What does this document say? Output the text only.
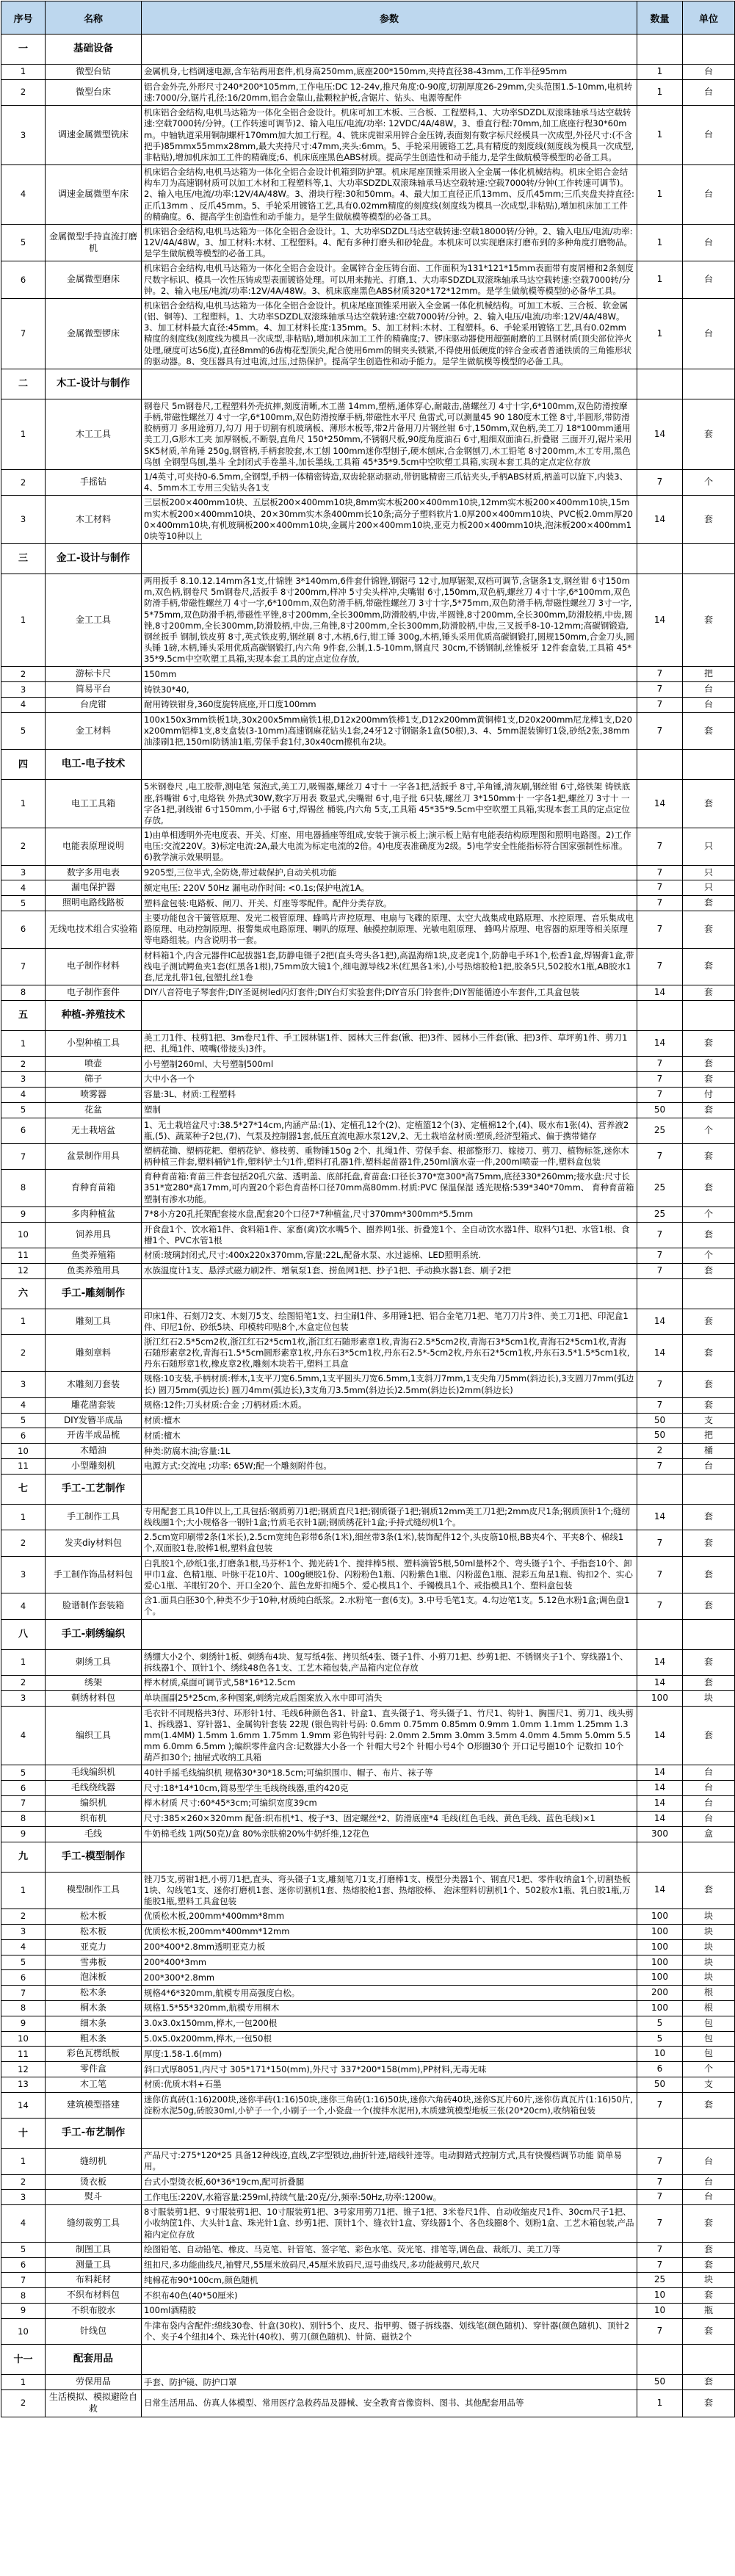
序号	名称	参数	数量	单位
一	基础设备			
1	微型台钻	金属机身,七档调速电源,含车钻两用套件,机身高250mm,底座200*150mm,夹持直径38-43mm,工作半径95mm	1	台
2	微型台床	铝合金外壳,外形尺寸240*200*105mm,工作电压:DC 12-24v,推尺角度:0-90度,切割厚度26-29mm,尖头范围1.5-10mm,电机转速:7000/分,锯片孔径:16/20mm,铝合金靠山,盐颗粒护板,含锯片、钻头、电源等配件	1	台
3	调速金属微型铣床	机床铝合金结构,电机马达箱为一体化全铝合金设计。机床可加工木板、三合板、工程塑料,1、大功率SDZDL双滚珠轴承马达空载转速:空载7000转/分钟。(工作转速可调节)2、输入电压/电流/功率: 12VDC/4A/48W。3、垂直行程:70mm,加工底座行程30*60mm。中轴轨道采用铜制螺杆170mm加大加工行程。4、铣床虎钳采用锌合金压铸,表面刻有数字标尺经模具一次成型,外径尺寸:(不含把手)85mmx55mmx28mm,最大夹持尺寸:47mm,夹头:6mm。5、手轮采用镀铬工艺,具有精度的刻度线(刻度线为模具一次成型,非粘贴),增加机床加工工件的精确度;6、机床底座黑色ABS材质。提高学生创造性和动手能力,是学生做航模等模型的必备工具。	1	台
4	调速金属微型车床	机床铝合金结构,电机马达箱为一体化全铝合金设计机箱到防护罩。机床尾座顶锥采用嵌入全金属一体化机械结构。机床全铝合金结构车刀为高速钢材质可以加工木材和工程塑料等,1、大功率SDZDL双滚珠轴承马达空载转速:空载7000转/分钟(工作转速可调节)。2、输入电压/电流/功率:12V/4A/48W。3、滑块行程:30和50mm。4、最大加工直径正爪13mm、反爪45mm;三爪夹盘夹持直径:正爪13mm 、反爪45mm。5、手轮采用镀铬工艺,具有0.02mm精度的刻度线(刻度线为模具一次成型,非粘贴),增加机床加工工件的精确度。6、提高学生创造性和动手能力。是学生做航模等模型的必备工具。	1	台
5	金属微型手持直流打磨机	机床铝合金结构,电机马达箱为一体化全铝合金设计。1、大功率SDZDL马达空载转速:空载18000转/分钟。2、输入电压/电流/功率:12V/4A/48W。3、加工材料:木材、工程塑料。4、配有多种打磨头和砂轮盘。本机床可以实现磨床打磨布到的多种角度打磨物品。是学生做航模等模型的必备工具。	1	台
6	金属微型磨床	机床铝合金结构,电机马达箱为一体化全铝合金设计。金属锌合金压铸台面、工作面积为131*121*15mm表面带有废屑槽和2条刻度尺数字标识、模具一次性压铸成型表面镀铬处理。可以用来抛光、打磨,1、大功率SDZDL双滚珠轴承马达空载转速:空载7000转/分钟。2、输入电压/电流/功率:12V/4A/48W。3、机床底座黑色ABS材质320*172*12mm。是学生做航模等模型的必备华工具。	1	台
7	金属微型锣床	机床铝合金结构,电机马达箱为一体化全铝合金设计。机床尾座顶锥采用嵌入全金属一体化机械结构。可加工木板、三合板、软金属(铝、铜等)、工程塑料。1、大功率SDZDL双滚珠轴承马达空载转速:空载7000转/分钟。2、输入电压/电流/功率:12V/4A/48W。3、加工材料最大直径:45mm。4、加工材料长度:135mm。5、加工材料:木材、工程塑料。6、手轮采用镀铬工艺,具有0.02mm精度的刻度线(刻度线为模具一次成型,非粘贴),增加机床加工工件的精确度;7、锣床驱动器使用超强耐磨的工具钢材质(顶尖部位淬火处理,硬度可达56度),直径8mm的6齿梅花型顶尖,配合使用6mm的铜夹头锁紧,不得使用低硬度的锌合金或者普通铁质的三角锥形状的驱动器。8、变压器具有过电流,过压,过热保护。提高学生创造性和动手能力。是学生做航模等模型的必备工具。	1	台
二	木工-设计与制作			
1	木工工具	钢卷尺 5m钢卷尺,工程塑料外壳抗摔,刻度清晰,木工凿 14mm,塑柄,通体穿心,耐敲击,凿螺丝刀 4寸十字,6*100mm,双色防滑按摩手柄,带磁性螺丝刀 4寸一字,6*100mm,双色防滑按摩手柄,带磁性水平尺 鱼雷式,可以测量45 90 180度木工锉 8寸,半圆形,带防滑胶柄剪刀 多用途剪刀,勾刀 用于切割有机玻璃板、薄形木板等,带2片备用刀片钢丝钳 6寸,150mm,双色柄,美工刀 18*100mm通用美工刀,G形木工夹 加厚钢板,不断裂,直角尺 150*250mm,不锈钢尺板,90度角度油石 6寸,粗细双面油石,折叠锯 三面开刃,锯片采用SK5材质,羊角锤 250g,钢管柄,手柄套胶套,木工刨 100mm迷你型刨子,硬木刨床,合金钢刨刀,木工铅笔 8寸200mm,木工专用,黑色鸟刨 全钢型鸟刨,墨斗 全封闭式手卷墨斗,加长墨线,工具箱 45*35*9.5cm中空吹塑工具箱,实现本套工具的定点定位存放	14	套
2	手摇钻	1/4英寸,可夹持0-6.5mm,全钢型,手柄一体精密铸造,双齿轮驱动驱动,带钥匙精密三爪钻夹头,手柄ABS材质,柄盖可以旋下,内装3、4、5mm木工专用三尖钻头各1支	7	个
3	木工材料	三层板200×400mm10块、五层板200×400mm10块,8mm实木板200×400mm10块,12mm实木板200×400mm10块,15mm实木板200×400mm10块、20×30mm实木条400mm长10条;高分子塑料软片1.0厚200×400mm10块、PVC板2.0mm厚200×400mm10块,有机玻璃板200×400mm10块,金属片200×400mm10块,亚克力板200×400mm10块,泡沫板200×400mm10块等10种以上	14	套
三	金工-设计与制作			
1	金工工具	两用扳手 8.10.12.14mm各1支,什锦锉 3*140mm,6件套什锦锉,钢锯弓 12寸,加厚锯架,双档可调节,含锯条1支,钢丝钳 6寸150mm,双色柄,钢卷尺 5m钢卷尺,活扳手 8寸200mm,样冲 5寸尖头样冲,尖嘴钳 6寸,150mm,双色柄,螺丝刀 4寸十字,6*100mm,双色防滑手柄,带磁性螺丝刀 4寸一字,6*100mm,双色防滑手柄,带磁性螺丝刀 3寸十字,5*75mm,双色防滑手柄,带磁性螺丝刀 3寸一字,5*75mm,双色防滑手柄,带磁性平锉,8寸200mm,全长300mm,防滑胶柄,中齿,半圆锉,8寸200mm,全长300mm,防滑胶柄,中齿,圆锉,8寸200mm,全长300mm,防滑胶柄,中齿,三角锉,8寸200mm,全长300mm,防滑胶柄,中齿,三叉扳手8-10-12mm;高碳钢锻造,钢丝扳手 钢制,铁皮剪 8寸,英式铁皮剪,钢丝刷 8寸,木柄,6行,钳工锤 300g,木柄,锤头采用优质高碳钢锻打,圆规150mm,合金刀头,圆头锤 1磅,木柄,锤头采用优质高碳钢锻打,内六角 9件套,公制,1.5-10mm,钢直尺 30cm,不锈钢制,丝锥板牙 12件套盒装,工具箱 45*35*9.5cm中空吹塑工具箱,实现本套工具的定点定位存放,	14	套
2	游标卡尺	150mm	7	把
3	简易平台	铸铁30*40,	7	台
4	台虎钳	耐用铸铁钳身,360度旋转底座,开口度100mm	7	台
5	金工材料	100x150x3mm铁板1块,30x200x5mm扁铁1根,D12x200mm铁棒1支,D12x200mm黄铜棒1支,D20x200mm尼龙棒1支,D20x200mm铝棒1支,8支盒装(3-10mm)高速钢麻花钻头1套,24牙12寸钢锯条1盒(50根),3、4、5mm混装铆钉1袋,砂纸2张,38mm油漆刷1把,150ml防锈油1瓶,劳保手套1付,30x40cm擦机布2块。	7	套
四	电工-电子技术			
1	电工工具箱	5米钢卷尺 ,电工胶带,测电笔 氖泡式,美工刀,吸锡器,螺丝刀 4寸十 一字各1把,活扳手 8寸,羊角锤,清灰刷,钢丝钳 6寸,烙铁架 铸铁底座,斜嘴钳 6寸,电烙铁 外热式30W,数字万用表 数显式,尖嘴钳 6寸,电子批 6只装,螺丝刀 3*150mm十 一字各1把,螺丝刀 3寸十 一字各1把,剥线钳 6寸150mm,小手锯 6寸,焊锡丝 桶装,内六角 5支,工具箱 45*35*9.5cm中空吹塑工具箱,实现本套工具的定点定位存放,	14	套
2	电能表原理说明	1)由单相透明外壳电度表、开关、灯座、用电器插座等组成,安装于演示板上;演示板上贴有电能表结构原理图和照明电路图。2)工作电压:交流220V。3)标定电流:2A,最大电流为标定电流的2倍。4)电度表准确度为2级。5)电学安全性能指标符合国家强制性标准。6)教学演示效果明显。	7	只
3	数字多用电表	9205型,三位半式,全防烧,带过载保护,自动关机功能	7	只
4	漏电保护器	额定电压: 220V 50Hz 漏电动作时间: <0.1s;保护电流1A。	7	只
5	照明电路线路板	塑料盒包装:电路板、闸刀、开关、灯座等零配件。配件分类存放。	7	套
6	无线电技术组合实验箱	主要功能包含干簧管原理、发光二极管原理、蜂鸣片声控原理、电扇与飞碟的原理、太空大战集成电路原理、水控原理、音乐集成电路原理、电动控制原理、报警集成电路原理、喇叭的原理、触摸控制原理、光敏电阻原理、 蜂鸣片原理、电容器的原理等相关原理等电路组装。内含说明书一套。	7	套
7	电子制作材料	材料箱1个,内含元器件IC起拔器1套,防静电镊子2把(直头弯头各1把),高温海绵1块,皮老虎1个,防静电手环1个,松香1盒,焊锡膏1盒,带线电子测试鳄鱼夹1套(红黑各1根),75mm放大镜1个,细电源导线2米(红黑各1米),小号热熔胶枪1把,胶条5只,502胶水1瓶,AB胶水1套,尼龙扎带1包,包塑扎丝1卷	7	套
8	电子制作套件	DIY八音符电子琴套件;DIY圣诞树led闪灯套件;DIY台灯实验套件;DIY音乐门铃套件;DIY智能循迹小车套件,工具盒包装	14	套
五	种植-养殖技术			
1	小型种植工具	美工刀1件、枝剪1把、3m卷尺1件、手工园林锯1件、园林大三件套(锹、把)3件、园林小三件套(锹、把)3件、草坪剪1件、剪刀1把、扎绳1件、喷嘴(带接头)3件。	14	套
2	喷壶	小号塑制260ml、大号塑制500ml	7	套
3	筛子	大中小各一个	7	套
4	喷雾器	容量:3L、材质:工程塑料	7	付
5	花盆	塑制	50	套
6	无土栽培盆	1、无土栽培盆尺寸:38.5*27*14cm,内涵产品:(1)、定植孔12个(2)、定植篮12个(3)、定植棉12个,(4)、吸水布1张(4)、营养液2瓶,(5)、蔬菜种子2包,(7)、气泵及控制器1套,低压直流电源水泵12V,2、无土栽培盆材质:塑质,经济型箱式、偏于携带储存	25	个
7	盆景制作用具	塑柄花锄、塑柄花耙、塑柄花铲、修枝剪、重物锤150g 2个、扎绳1件、劳保手套、根部整形刀、嫁接刀、剪刀、植物标签,迷你木柄种植三件套,塑料桶铲1件,塑料铲土勺1件,塑料打孔器1件,塑料起苗器1件,250ml滴水壶一件,200ml喷壶一件,塑料盒包装	7	套
8	育种育苗箱	育种育苗箱:育苗三件套包括20孔穴盆、透明盖、底部托盘,育苗盘:口径长370*宽300*高75mm,底径330*260mm;接水盘:尺寸长351*宽280*高17mm,可内置20个彩色育苗杯口径70mm高80mm.材质:PVC 保温保湿 透光规格:539*340*70mm、 育种育苗箱塑制有渗水功能。	25	套
9	多肉种植盆	7*8小方20孔托架配套接水盘,配套20个口径7*7种植盆,尺寸370mm*300mm*5.5mm	25	个
10	饲养用具	开食盘1个、饮水箱1件、食料箱1件、家畜(禽)饮水嘴5个、圈养网1张、折叠笼1个、全自动饮水器1件、取料勺1把、水管1根、食槽1个、PVC水管1根	7	套
11	鱼类养殖箱	材质:玻璃封闭式,尺寸:400x220x370mm,容量:22L,配备水泵、水过滤棉、LED照明系统.	7	个
12	鱼类养殖用具	水族温度计1支、悬浮式磁力刷2件、增氧泵1套、捞鱼网1把、抄子1把、手动换水器1套、刷子2把	7	套
六	手工-雕刻制作			
1	雕刻工具	印床1件、石刻刀2支、木刻刀5支、绘图铅笔1支、扫尘刷1件、多用锤1把、铝合金笔刀1把、笔刀刀片3件、美工刀1把、印泥盒1件、印尼1份、砂纸5块、印模转印贴8个,木盒定位包装	14	套
2	雕刻章料	浙江红石2.5*5cm2枚,浙江红石2*5cm1枚,浙江红石随形素章1枚,青海石2.5*5cm2枚,青海石3*5cm1枚,青海石2*5cm1枚,青海石随形素章2枚,青海石1.5*5cm圆形素章1枚,丹东石3*5cm1枚,丹东石2.5*-5cm2枚,丹东石2*5cm1枚,丹东石3.5*1.5*5cm1枚,丹东石随形章1枚,橡皮章2枚,雕刻木块若干,塑料工具盒	14	套
3	木雕刻刀套装	规格:10支装,手柄材质:榉木,1支平刀宽6.5mm,1支平圆头刀宽6.5mm,1支斜刀7mm,1支尖角刀5mm(斜边长),3支圆刀7mm(弧边长) 圆刀5mm(弧边长) 圆刀4mm(弧边长),3支角刀3.5mm(斜边长)2.5mm(斜边长)2mm(斜边长)	7	套
4	雕花凿套装	规格:12件;刀头材质:合金 ;刀柄材质:木质。	7	套
5	DIY发簪半成品	材质:檀木	50	支
6	开齿半成品梳	材质:檀木	50	把
10	木蜡油	种类:防腐木油;容量:1L	2	桶
11	小型雕刻机	电源方式:交流电 ;功率: 65W;配一个雕刻附件包。	7	台
七	手工-工艺制作			
1	手工制作工具	专用配套工具10件以上,工具包括:钢质剪刀1把;钢质直尺1把;钢质镊子1把;钢质12mm美工刀1把;2mm皮尺1条;钢质顶针1个;缝纫线线圈1个;大小规格各一钢针1盒;竹质毛衣针1副;钢质绣花针1盒;手持式缝纫机1个。	14	套
2	发夹diy材料包	2.5cm宽印刷带2条(1米长),2.5cm宽纯色彩带6条(1米),细丝带3条(1米),装饰配件12个,头皮筋10根,BB夹4个、平夹8个、棉线1个,双面胶1卷,胶棒1根,塑料盒包装	7	套
3	手工制作饰品材料包	白乳胶1个,砂纸1张,打磨条1根,马芬杯1个、抛光砖1个、搅拌棒5根、塑料滴管5根,50ml量杯2个、弯头镊子1个、手指套10个、卸甲巾1盒、色精1瓶、叶脉干花10片、100g硬胶1份、闪粉粉色1瓶、闪粉紫色1瓶、闪粉蓝色1瓶、混彩五角星1瓶、钩扣2个、实心爱心1瓶、羊眼钉20个、开口全20个、蓝色龙虾扣绳5个、爱心模具1个、手镯模具1个、戒指模具1个、塑料盒包装	7	套
4	脸谱制作套装箱	含1.面具白胚30个,种类不少于10种,材质纯白纸浆。2.水粉笔一套(6支)。3.中号毛笔1支。4.勾边笔1支。5.12色水粉1盒;调色盘1个。	7	套
八	手工-刺绣编织			
1	刺绣工具	绣绷大小2个、刺绣针1板、刺绣布4块、复写纸4张、拷贝纸4张、镊子1件、小剪刀1把、纱剪1把、不锈钢夹子1个、穿线器1个、拆线器1个、顶针1个、绣线48色各1支、工艺木箱包装,产品箱内定位存放	14	套
2	绣架	榉木材质,桌面可调节式,58*16*12.5cm	14	套
3	刺绣材料包	单块面副25*25cm,多种图案,刺绣完成后图案放入水中即可消失	100	块
4	编织工具	毛衣针不同规格共3付、环形针1付、毛线6种颜色各1、针盒1、直头镊子1、弯头镊子1、竹尺1、钩针1、胸围尺1、剪刀1、线头剪1、拆线器1、穿针器1、金属钩针套装 22规 (银色钩针号码: 0.6mm 0.75mm 0.85mm 0.9mm 1.0mm 1.1mm 1.25mm 1.3mm(1.4MM) 1.5mm 1.6mm 1.75mm 1.9mm 彩色钩针号码: 2.0mm 2.5mm 3.0mm 3.5mm 4.0mm 4.5mm 5.0mm 5.5mm 6.0mm 6.5mm );编织零件盒内含:记数器大小各一个 针帽大号2个 针帽小号4个 O形圈30个 开口记号圈10个 记数扣 10个 葫芦扣30个; 抽屉式收纳工具箱	14	套
5	毛线编织机	40针手摇毛线编织机 规格30*30*18.5cm;可编织围巾、帽子、布片、袜子等	14	台
6	毛线绕线器	尺寸:18*14*10cm,简易型学生毛线绕线器,重约420克	14	台
7	编织机	榉木材质 尺寸:60*45*3cm;可编织宽度39cm	14	台
8	织布机	尺寸:385×260×320mm 配备:织布机*1、梭子*3、固定螺丝*2、防滑底座*4 毛线(红色毛线、黄色毛线、蓝色毛线)×1	14	台
9	毛线	牛奶棉毛线 1两(50克)/盒 80%亲肤棉20%牛奶纤维,12花色	300	盒
九	手工-模型制作			
1	模型制作工具	锉刀5支,剪钳1把,小剪刀1把,直头、弯头镊子1支,雕刻笔刀1支,打磨棒1支、模型分类器1个、钢直尺1把、零件收纳盒1个,切割垫板1块、勾线笔1支、迷你打磨机1套、迷你切割机1套、热熔胶枪1套、热熔胶棒、 泡沫塑料切割机1个、502胶水1瓶、乳白胶1瓶,万能胶1瓶,塑料工具盒包装	14	套
2	松木板	优质松木板,200mm*400mm*8mm	100	块
3	松木板	优质松木板,200mm*400mm*12mm	100	块
4	亚克力	200*400*2.8mm透明亚克力板	100	块
5	雪弗板	200*400*3mm	100	块
6	泡沫板	200*300*2.8mm	100	块
7	松木条	规格4*6*320mm,航模专用高强度白松。	200	根
8	桐木条	规格1.5*55*320mm,航模专用桐木	100	根
9	细木条	3.0x3.0x150mm,桦木,一包200根	5	包
10	粗木条	5.0x5.0x200mm,桦木,一包50根	5	包
11	彩色瓦楞纸板	厚度:1.58-1.6(mm)	10	包
12	零件盒	斜口式厚8051,内尺寸 305*171*150(mm),外尺寸 337*200*158(mm),PP材料,无毒无味	6	个
13	木工笔	材质:优质木料+石墨	50	支
14	建筑模型搭建	迷你仿真砖(1:16)200块,迷你半砖(1:16)50块,迷你三角砖(1:16)50块,迷你六角砖40块,迷你S瓦片60片,迷你仿真瓦片(1:16)50片,淀粉水泥50g,砖胶30ml,小铲子一个,小刷子一个,小瓷盘一个(搅拌水泥用),木质建筑模型地板三张(20*20cm),收纳箱包装	7	套
十	手工-布艺制作			
1	缝纫机	产品尺寸:275*120*25 具备12种线迹,直线,Z字型锁边,曲折针迹,暗线针迹等。电动脚踏式控制方式,具有快慢档调节功能 简单易用。	7	台
2	烫衣板	台式小型烫衣板,60*36*19cm,配可折叠腿	7	台
3	熨斗	工作电压:220V,水箱容量:259ml,持续气量:20克/分,频率:50Hz,功率:1200w。	7	台
4	缝纫裁剪工具	8寸服装剪1把、9寸服装剪1把、10寸服装剪1把、3号家用剪刀1把、锥子1把、3米卷尺1件、自动收缩皮尺1件、30cm尺子1把、小收纳筐1件、大头针1盒、珠光针1盒、纱剪1把、顶针1个、缝衣针1盒、穿线器1个、各色线圈8个、划粉1盒、工艺木箱包装,产品箱内定位存放	7	套
5	制图工具	绘图铅笔、自动铅笔、橡皮、马克笔、针管笔、签字笔、彩色水笔、荧光笔、排笔等,调色盘、裁纸刀、美工刀等	7	套
6	测量工具	纽扣尺,多功能曲线尺,袖臂尺,55厘米放码尺,45厘米放码尺,逗号曲线尺,多功能裁剪尺,软尺	7	套
7	布料耗材	纯棉花布90*100cm,颜色随机	25	块
8	不织布材料包	不织布40色(40*50厘米)	10	套
9	不织布胶水	100ml酒精胶	10	瓶
10	针线包	牛津布袋内含配件:绵线30卷、针盒(30枚)、别针5个、皮尺、指甲剪、镊子拆线器、划线笔(颜色随机)、穿针器(颜色随机)、顶针2个、夹子4个纽扣4个、珠光针(40枚)、剪刀(颜色随机)、针筒、磁铁2个	7	套
十一	配套用品			
1	劳保用品	手套、防护镜、防护口罩	50	套
2	生活模拟、模拟避险自救	日常生活用品、仿真人体模型、常用医疗急救药品及器械、安全教育音像资料、图书、其他配套用品等	1	套
